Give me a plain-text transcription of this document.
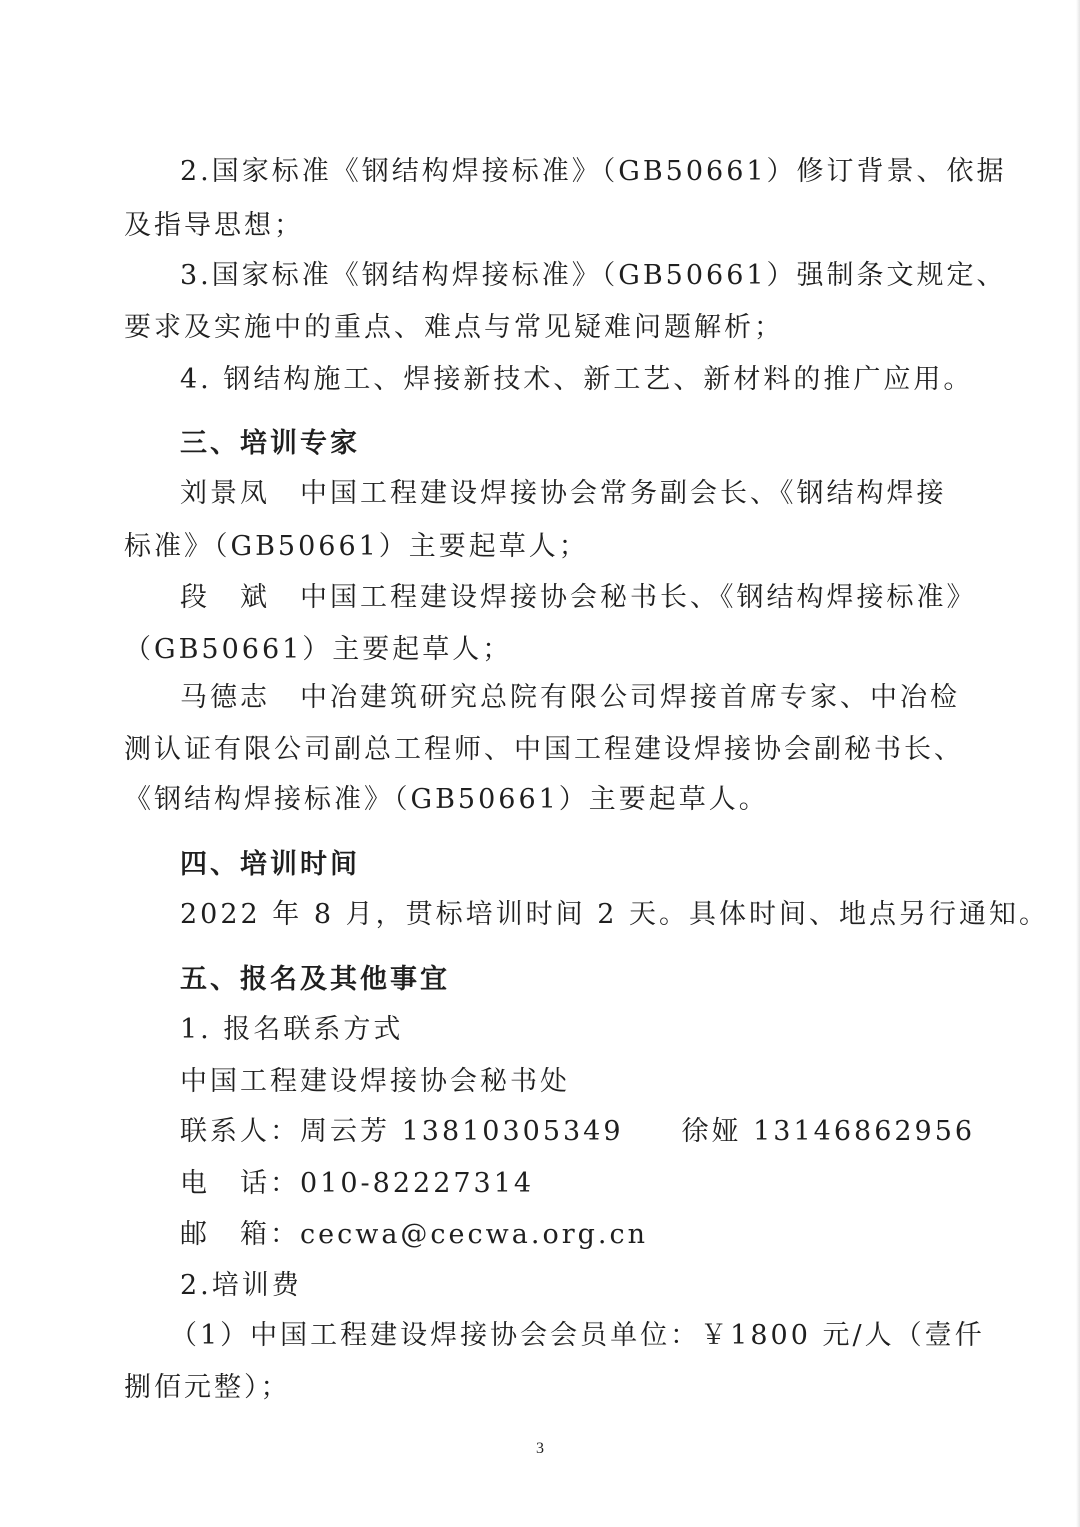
2.国家标准《钢结构焊接标准》（GB50661）修订背景、依据
及指导思想；
3.国家标准《钢结构焊接标准》（GB50661）强制条文规定、
要求及实施中的重点、难点与常见疑难问题解析；
4. 钢结构施工、焊接新技术、新工艺、新材料的推广应用。
三、培训专家
刘景凤 中国工程建设焊接协会常务副会长、《钢结构焊接
标准》（GB50661）主要起草人；
段　斌 中国工程建设焊接协会秘书长、《钢结构焊接标准》
（GB50661）主要起草人；
马德志 中冶建筑研究总院有限公司焊接首席专家、中冶检
测认证有限公司副总工程师、中国工程建设焊接协会副秘书长、
《钢结构焊接标准》（GB50661）主要起草人。
四、培训时间
2022 年 8 月，贯标培训时间 2 天。具体时间、地点另行通知。
五、报名及其他事宜
1. 报名联系方式
中国工程建设焊接协会秘书处
联系人：周云芳 13810305349 徐娅 13146862956
电　话：010-82227314
邮　箱：cecwa@cecwa.org.cn
2.培训费
（1）中国工程建设焊接协会会员单位：￥1800 元/人（壹仟
捌佰元整）；
3
